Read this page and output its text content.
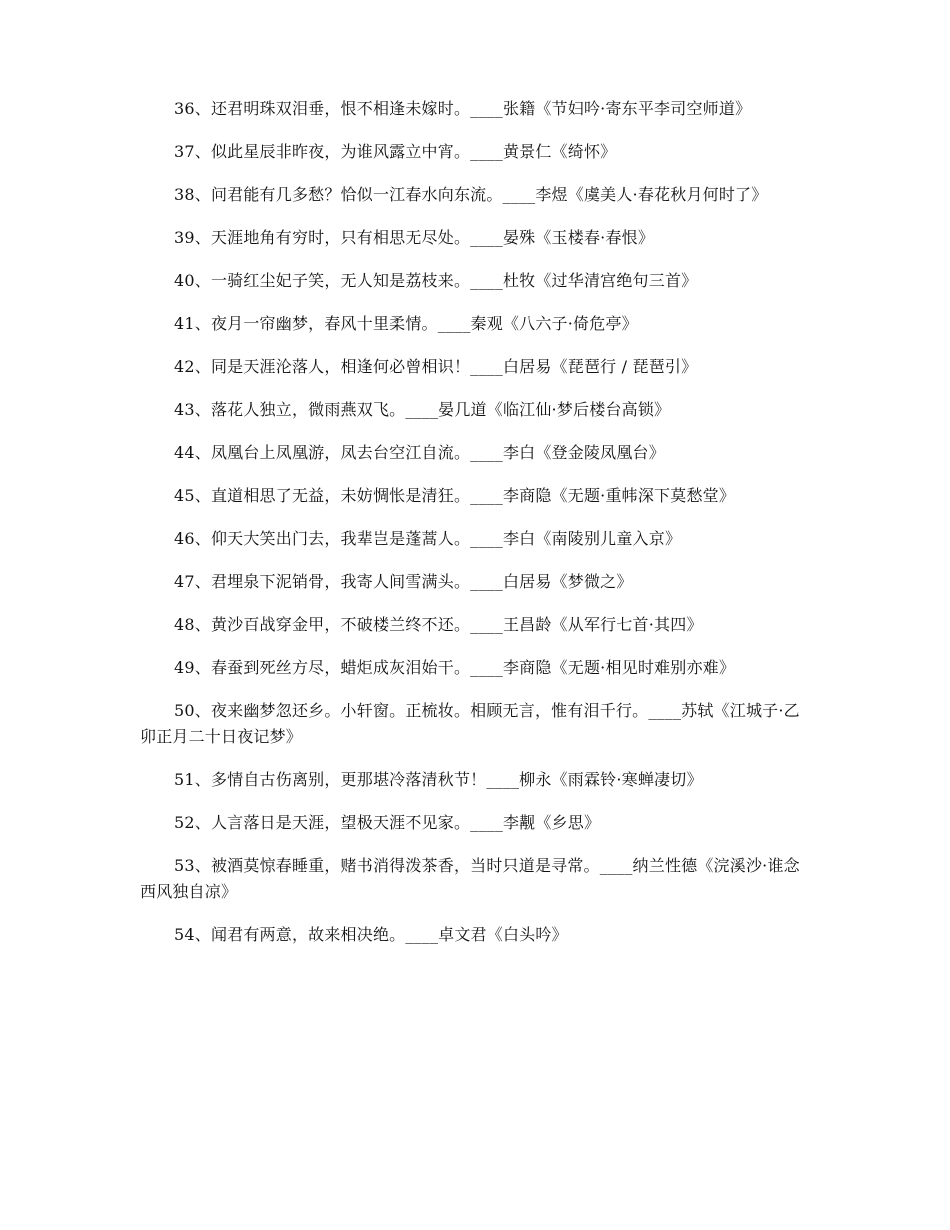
36、还君明珠双泪垂，恨不相逢未嫁时。____张籍《节妇吟·寄东平李司空师道》

37、似此星辰非昨夜，为谁风露立中宵。____黄景仁《绮怀》

38、问君能有几多愁？恰似一江春水向东流。____李煜《虞美人·春花秋月何时了》

39、天涯地角有穷时，只有相思无尽处。____晏殊《玉楼春·春恨》

40、一骑红尘妃子笑，无人知是荔枝来。____杜牧《过华清宫绝句三首》

41、夜月一帘幽梦，春风十里柔情。____秦观《八六子·倚危亭》

42、同是天涯沦落人，相逢何必曾相识！____白居易《琵琶行 / 琵琶引》

43、落花人独立，微雨燕双飞。____晏几道《临江仙·梦后楼台高锁》

44、凤凰台上凤凰游，凤去台空江自流。____李白《登金陵凤凰台》

45、直道相思了无益，未妨惆怅是清狂。____李商隐《无题·重帏深下莫愁堂》

46、仰天大笑出门去，我辈岂是蓬蒿人。____李白《南陵别儿童入京》

47、君埋泉下泥销骨，我寄人间雪满头。____白居易《梦微之》

48、黄沙百战穿金甲，不破楼兰终不还。____王昌龄《从军行七首·其四》

49、春蚕到死丝方尽，蜡炬成灰泪始干。____李商隐《无题·相见时难别亦难》

50、夜来幽梦忽还乡。小轩窗。正梳妆。相顾无言，惟有泪千行。____苏轼《江城子·乙卯正月二十日夜记梦》

51、多情自古伤离别，更那堪冷落清秋节！____柳永《雨霖铃·寒蝉凄切》

52、人言落日是天涯，望极天涯不见家。____李觏《乡思》

53、被酒莫惊春睡重，赌书消得泼茶香，当时只道是寻常。____纳兰性德《浣溪沙·谁念西风独自凉》

54、闻君有两意，故来相决绝。____卓文君《白头吟》
